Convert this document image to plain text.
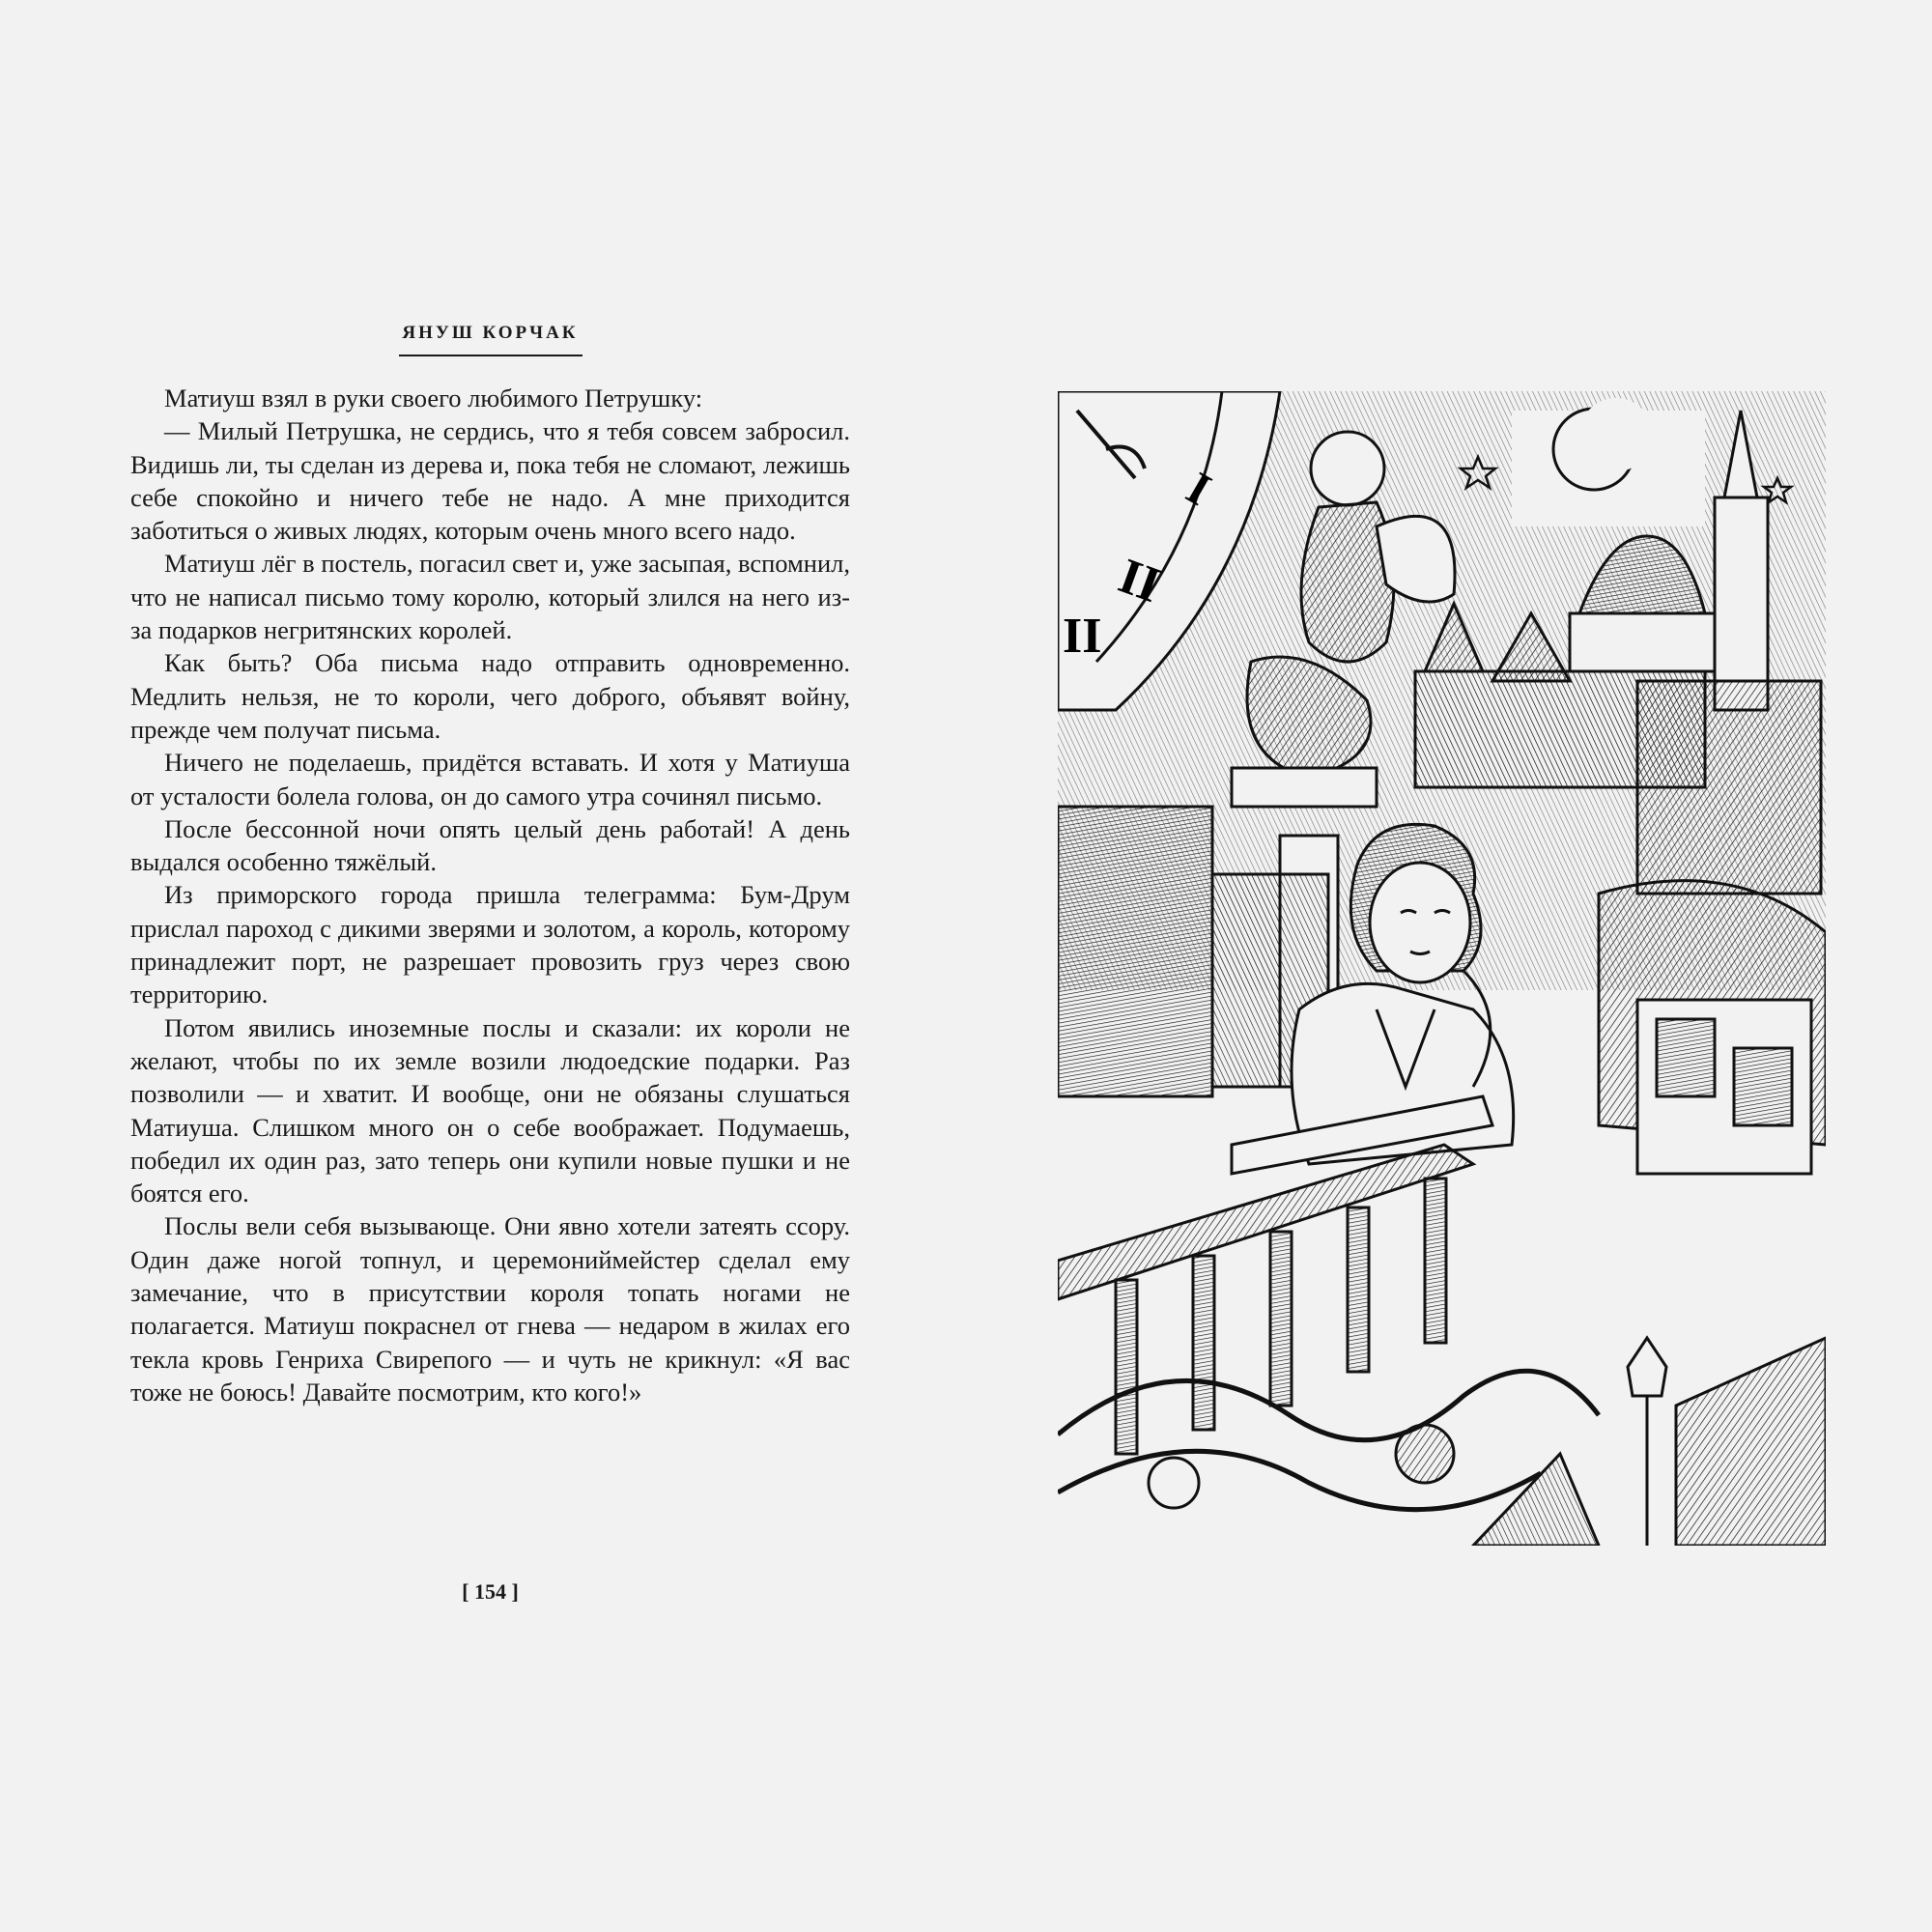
ЯНУШ КОРЧАК

Матиуш взял в руки своего любимого Петрушку:

— Милый Петрушка, не сердись, что я тебя совсем забросил. Видишь ли, ты сделан из дерева и, пока тебя не сломают, лежишь себе спокойно и ничего тебе не надо. А мне приходится заботиться о живых людях, которым очень много всего надо.

Матиуш лёг в постель, погасил свет и, уже засыпая, вспомнил, что не написал письмо тому королю, который злился на него из-за подарков негритянских королей.

Как быть? Оба письма надо отправить одновременно. Медлить нельзя, не то короли, чего доброго, объявят войну, прежде чем получат письма.

Ничего не поделаешь, придётся вставать. И хотя у Матиуша от усталости болела голова, он до самого утра сочинял письмо.

После бессонной ночи опять целый день работай! А день выдался особенно тяжёлый.

Из приморского города пришла телеграмма: Бум-Друм прислал пароход с дикими зверями и золотом, а король, которому принадлежит порт, не разрешает провозить груз через свою территорию.

Потом явились иноземные послы и сказали: их короли не желают, чтобы по их земле возили людоедские подарки. Раз позволили — и хватит. И вообще, они не обязаны слушаться Матиуша. Слишком много он о себе воображает. Подумаешь, победил их один раз, зато теперь они купили новые пушки и не боятся его.

Послы вели себя вызывающе. Они явно хотели затеять ссору. Один даже ногой топнул, и церемониймейстер сделал ему замечание, что в присутствии короля топать ногами не полагается. Матиуш покраснел от гнева — недаром в жилах его текла кровь Генриха Свирепого — и чуть не крикнул: «Я вас тоже не боюсь! Давайте посмотрим, кто кого!»

[ 154 ]
I
II
II
